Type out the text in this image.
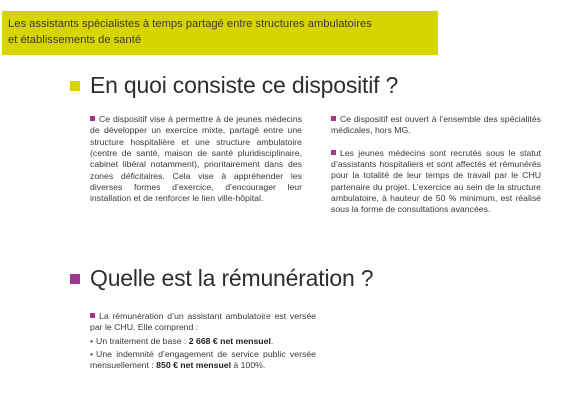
Les assistants spécialistes à temps partagé entre structures ambulatoires
et établissements de santé
En quoi consiste ce dispositif ?

Ce dispositif vise à permettre à de jeunes médecins de développer un exercice mixte, partagé entre une structure hospitalière et une structure ambulatoire (centre de santé, maison de santé pluridisciplinaire, cabinet libéral notamment), prioritairement dans des zones déficitaires. Cela vise à appréhender les diverses formes d’exercice, d’encourager leur installation et de renforcer le lien ville-hôpital.

Ce dispositif est ouvert à l’ensemble des spécialités médicales, hors MG.

Les jeunes médecins sont recrutés sous le statut d’assistants hospitaliers et sont affectés et rémunérés pour la totalité de leur temps de travail par le CHU partenaire du projet. L’exercice au sein de la structure ambulatoire, à hauteur de 50 % minimum, est réalisé sous la forme de consultations avancées.

Quelle est la rémunération ?

La rémunération d’un assistant ambulatoire est versée par le CHU. Elle comprend :

• Un traitement de base : 2 668 € net mensuel.

• Une indemnité d’engagement de service public versée mensuellement : 850 € net mensuel à 100%.
